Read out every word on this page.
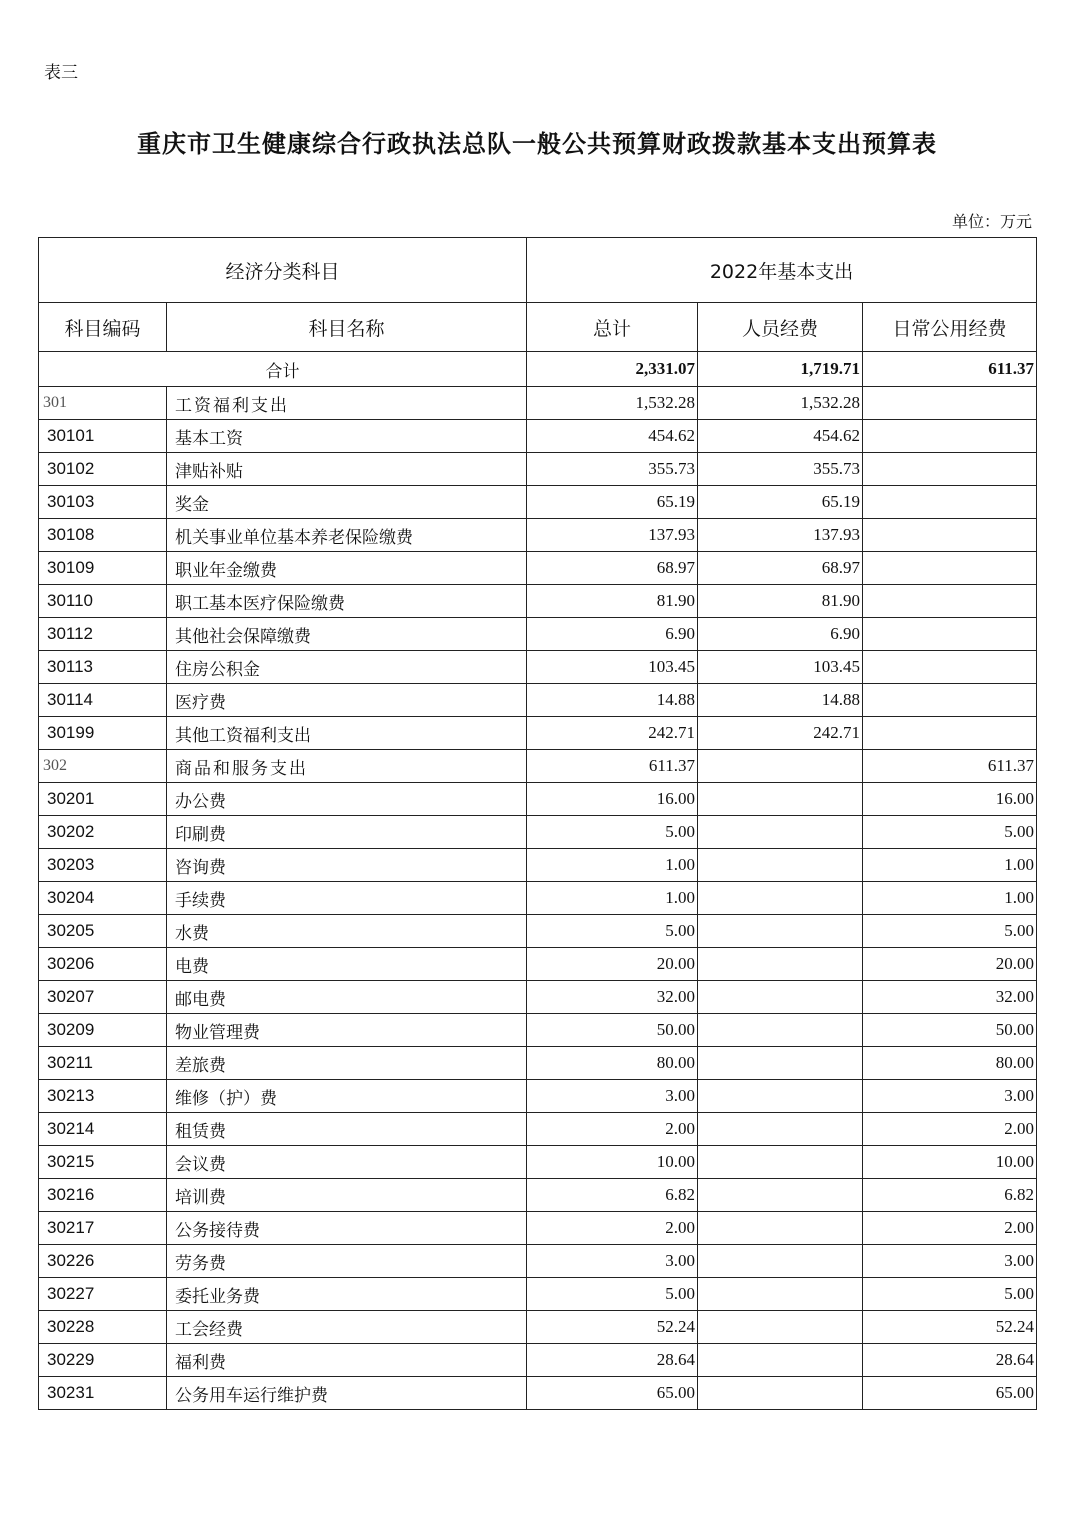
表三
重庆市卫生健康综合行政执法总队一般公共预算财政拨款基本支出预算表
单位：万元
经济分类科目		2022年基本支出		
科目编码	科目名称	总计	人员经费	日常公用经费
合计		2,331.07	1,719.71	611.37
301	工资福利支出	1,532.28	1,532.28	
30101	基本工资	454.62	454.62	
30102	津贴补贴	355.73	355.73	
30103	奖金	65.19	65.19	
30108	机关事业单位基本养老保险缴费	137.93	137.93	
30109	职业年金缴费	68.97	68.97	
30110	职工基本医疗保险缴费	81.90	81.90	
30112	其他社会保障缴费	6.90	6.90	
30113	住房公积金	103.45	103.45	
30114	医疗费	14.88	14.88	
30199	其他工资福利支出	242.71	242.71	
302	商品和服务支出	611.37		611.37
30201	办公费	16.00		16.00
30202	印刷费	5.00		5.00
30203	咨询费	1.00		1.00
30204	手续费	1.00		1.00
30205	水费	5.00		5.00
30206	电费	20.00		20.00
30207	邮电费	32.00		32.00
30209	物业管理费	50.00		50.00
30211	差旅费	80.00		80.00
30213	维修（护）费	3.00		3.00
30214	租赁费	2.00		2.00
30215	会议费	10.00		10.00
30216	培训费	6.82		6.82
30217	公务接待费	2.00		2.00
30226	劳务费	3.00		3.00
30227	委托业务费	5.00		5.00
30228	工会经费	52.24		52.24
30229	福利费	28.64		28.64
30231	公务用车运行维护费	65.00		65.00
